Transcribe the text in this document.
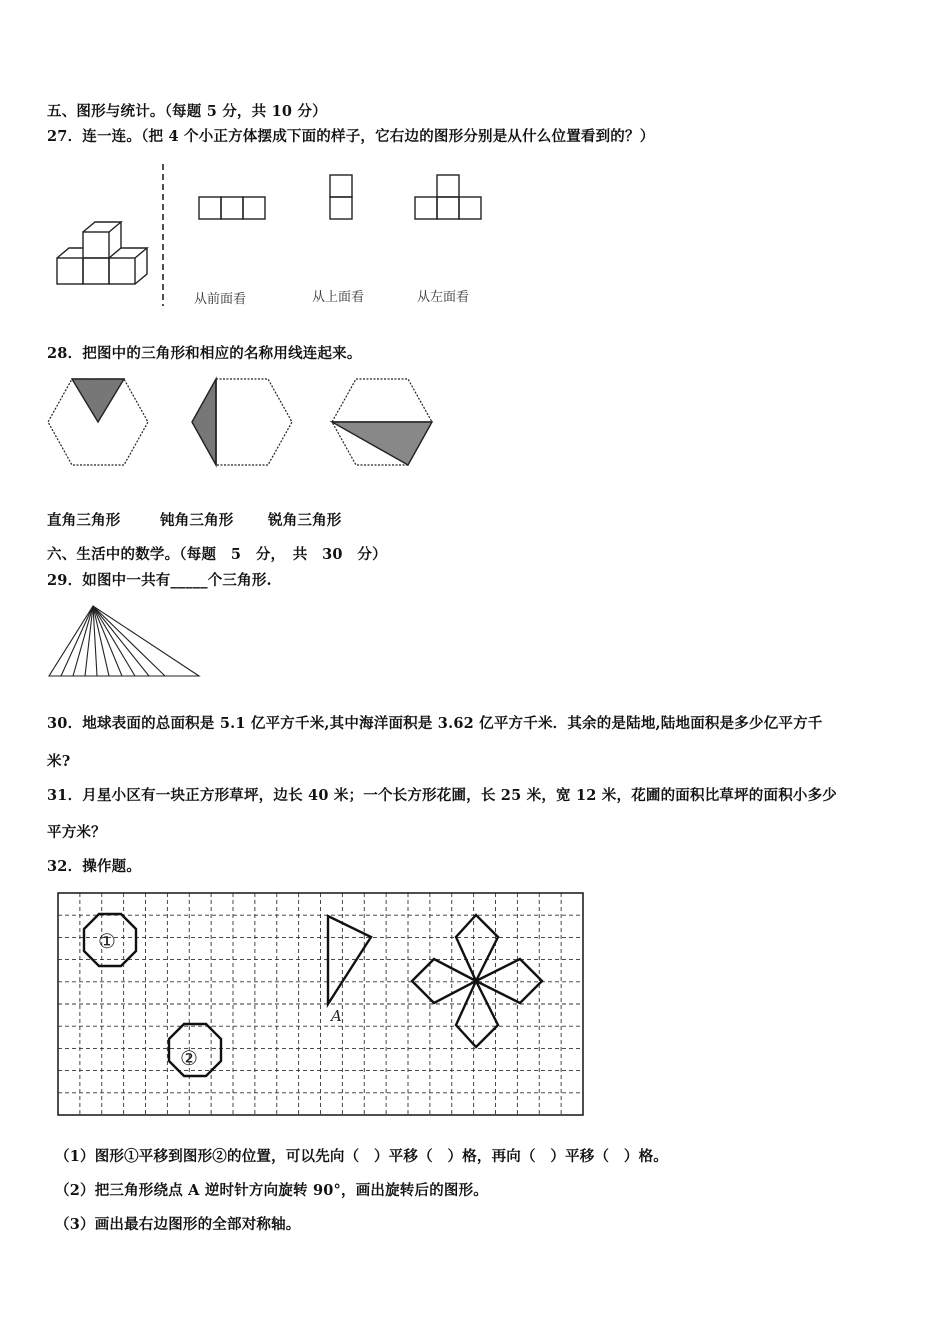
五、图形与统计。（每题 5 分，共 10 分）
27．连一连。（把 4 个小正方体摆成下面的样子，它右边的图形分别是从什么位置看到的？）
从前面看	从上面看	从左面看
28．把图中的三角形和相应的名称用线连起来。
直角三角形	钝角三角形 锐角三角形
六、生活中的数学。（每题　5　分，　共　30　分）
29．如图中一共有_____个三角形.
30．地球表面的总面积是 5.1 亿平方千米,其中海洋面积是 3.62 亿平方千米．其余的是陆地,陆地面积是多少亿平方千
米?
31．月星小区有一块正方形草坪，边长 40 米；一个长方形花圃，长 25 米，宽 12 米，花圃的面积比草坪的面积小多少
平方米？
32．操作题。
①
②
A
（1）图形①平移到图形②的位置，可以先向（　）平移（　）格，再向（　）平移（　）格。
（2）把三角形绕点 A 逆时针方向旋转 90°，画出旋转后的图形。
（3）画出最右边图形的全部对称轴。
